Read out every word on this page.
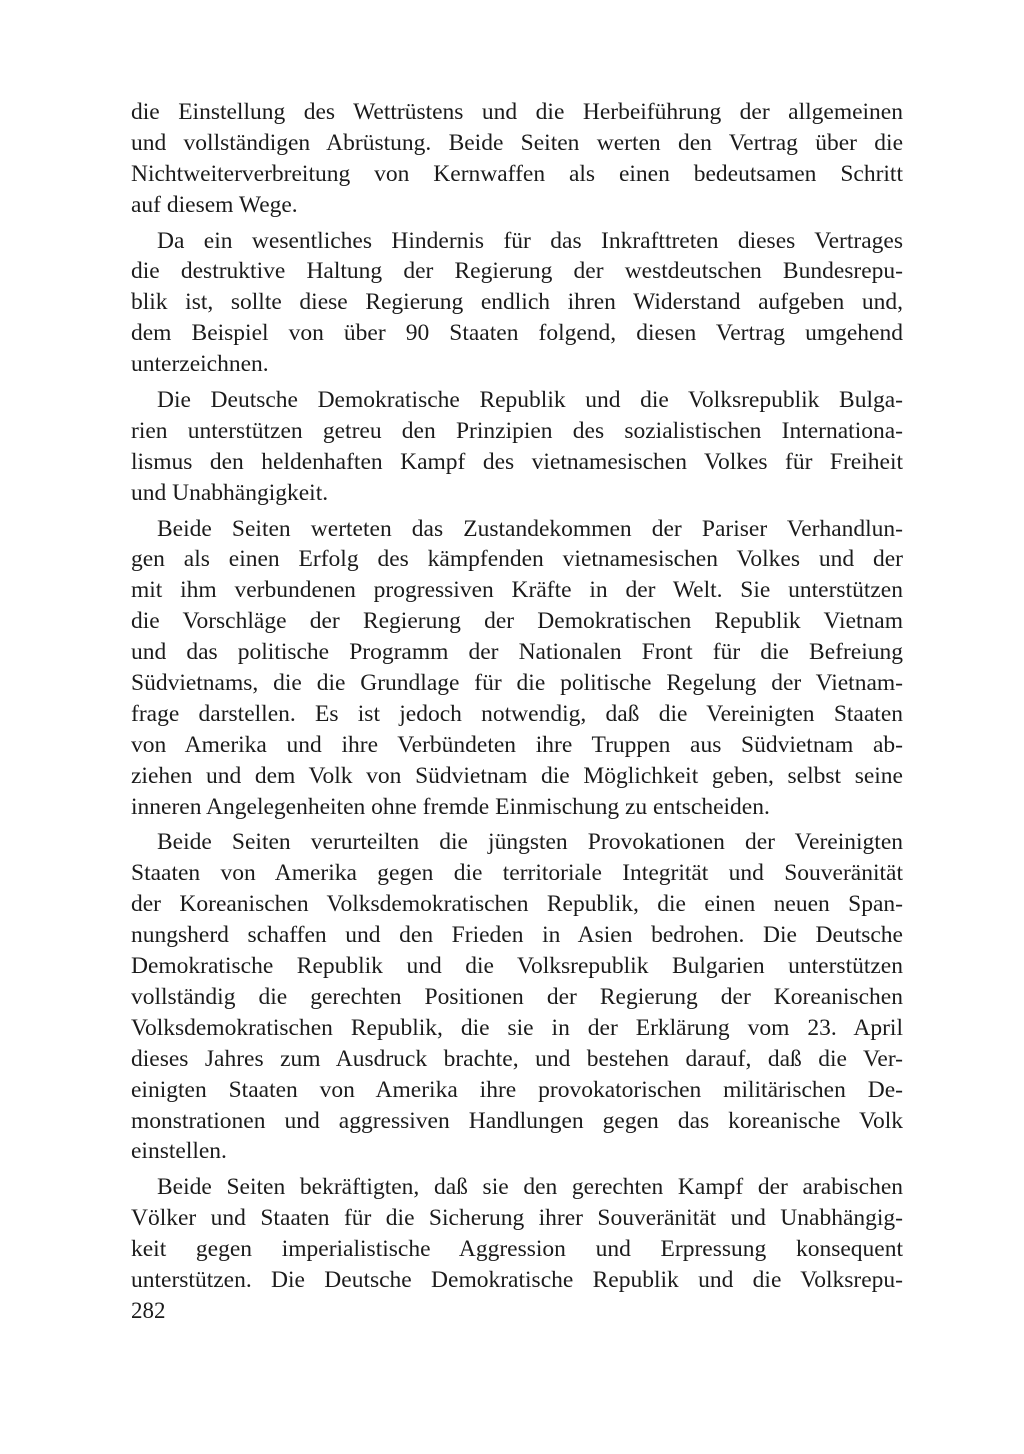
die Einstellung des Wettrüstens und die Herbeiführung der allgemeinen
und vollständigen Abrüstung. Beide Seiten werten den Vertrag über die
Nichtweiterverbreitung von Kernwaffen als einen bedeutsamen Schritt
auf diesem Wege.
Da ein wesentliches Hindernis für das Inkrafttreten dieses Vertrages
die destruktive Haltung der Regierung der westdeutschen Bundesrepu-
blik ist, sollte diese Regierung endlich ihren Widerstand aufgeben und,
dem Beispiel von über 90 Staaten folgend, diesen Vertrag umgehend
unterzeichnen.
Die Deutsche Demokratische Republik und die Volksrepublik Bulga-
rien unterstützen getreu den Prinzipien des sozialistischen Internationa-
lismus den heldenhaften Kampf des vietnamesischen Volkes für Freiheit
und Unabhängigkeit.
Beide Seiten werteten das Zustandekommen der Pariser Verhandlun-
gen als einen Erfolg des kämpfenden vietnamesischen Volkes und der
mit ihm verbundenen progressiven Kräfte in der Welt. Sie unterstützen
die Vorschläge der Regierung der Demokratischen Republik Vietnam
und das politische Programm der Nationalen Front für die Befreiung
Südvietnams, die die Grundlage für die politische Regelung der Vietnam-
frage darstellen. Es ist jedoch notwendig, daß die Vereinigten Staaten
von Amerika und ihre Verbündeten ihre Truppen aus Südvietnam ab-
ziehen und dem Volk von Südvietnam die Möglichkeit geben, selbst seine
inneren Angelegenheiten ohne fremde Einmischung zu entscheiden.
Beide Seiten verurteilten die jüngsten Provokationen der Vereinigten
Staaten von Amerika gegen die territoriale Integrität und Souveränität
der Koreanischen Volksdemokratischen Republik, die einen neuen Span-
nungsherd schaffen und den Frieden in Asien bedrohen. Die Deutsche
Demokratische Republik und die Volksrepublik Bulgarien unterstützen
vollständig die gerechten Positionen der Regierung der Koreanischen
Volksdemokratischen Republik, die sie in der Erklärung vom 23. April
dieses Jahres zum Ausdruck brachte, und bestehen darauf, daß die Ver-
einigten Staaten von Amerika ihre provokatorischen militärischen De-
monstrationen und aggressiven Handlungen gegen das koreanische Volk
einstellen.
Beide Seiten bekräftigten, daß sie den gerechten Kampf der arabischen
Völker und Staaten für die Sicherung ihrer Souveränität und Unabhängig-
keit gegen imperialistische Aggression und Erpressung konsequent
unterstützen. Die Deutsche Demokratische Republik und die Volksrepu-
282
